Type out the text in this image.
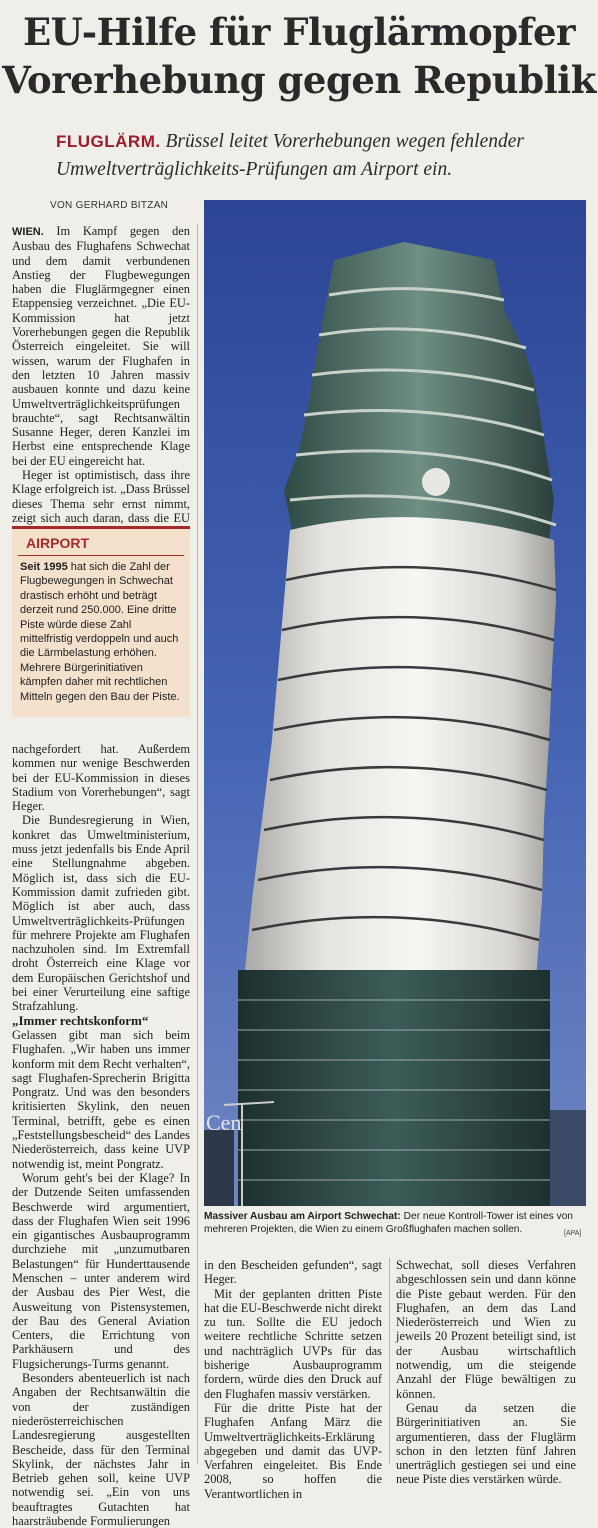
EU-Hilfe für Fluglärmopfer
Vorerhebung gegen Republik
FLUGLÄRM. Brüssel leitet Vorerhebungen wegen fehlender
Umweltverträglichkeits-Prüfungen am Airport ein.
VON GERHARD BITZAN

WIEN. Im Kampf gegen den Ausbau des Flughafens Schwechat und dem damit verbundenen Anstieg der Flugbewegungen haben die Fluglärmgegner einen Etappensieg verzeichnet. „Die EU-Kommission hat jetzt Vorerhebungen gegen die Republik Österreich eingeleitet. Sie will wissen, warum der Flughafen in den letzten 10 Jahren massiv ausbauen konnte und dazu keine Umweltverträglichkeitsprüfungen brauchte“, sagt Rechtsanwältin Susanne Heger, deren Kanzlei im Herbst eine entsprechende Klage bei der EU eingereicht hat.

Heger ist optimistisch, dass ihre Klage erfolgreich ist. „Dass Brüssel dieses Thema sehr ernst nimmt, zeigt sich auch daran, dass die EU

AIRPORT
Seit 1995 hat sich die Zahl der Flugbewegungen in Schwechat drastisch erhöht und beträgt derzeit rund 250.000. Eine dritte Piste würde diese Zahl mittelfristig verdoppeln und auch die Lärmbelastung erhöhen. Mehrere Bürgerinitiativen kämpfen daher mit rechtlichen Mitteln gegen den Bau der Piste.

nachgefordert hat. Außerdem kommen nur wenige Beschwerden bei der EU-Kommission in dieses Stadium von Vorerhebungen“, sagt Heger.

Die Bundesregierung in Wien, konkret das Umweltministerium, muss jetzt jedenfalls bis Ende April eine Stellungnahme abgeben. Möglich ist, dass sich die EU-Kommission damit zufrieden gibt. Möglich ist aber auch, dass Umweltverträglichkeits-Prüfungen für mehrere Projekte am Flughafen nachzuholen sind. Im Extremfall droht Österreich eine Klage vor dem Europäischen Gerichtshof und bei einer Verurteilung eine saftige Strafzahlung.

„Immer rechtskonform“

Gelassen gibt man sich beim Flughafen. „Wir haben uns immer konform mit dem Recht verhalten“, sagt Flughafen-Sprecherin Brigitta Pongratz. Und was den besonders kritisierten Skylink, den neuen Terminal, betrifft, gebe es einen „Feststellungsbescheid“ des Landes Niederösterreich, dass keine UVP notwendig ist, meint Pongratz.

Worum geht's bei der Klage? In der Dutzende Seiten umfassenden Beschwerde wird argumentiert, dass der Flughafen Wien seit 1996 ein gigantisches Ausbauprogramm durchziehe mit „unzumutbaren Belastungen“ für Hunderttausende Menschen – unter anderem wird der Ausbau des Pier West, die Ausweitung von Pistensystemen, der Bau des General Aviation Centers, die Errichtung von Parkhäusern und des Flugsicherungs-Turms genannt.

Besonders abenteuerlich ist nach Angaben der Rechtsanwältin die von der zuständigen niederösterreichischen Landesregierung ausgestellten Bescheide, dass für den Terminal Skylink, der nächstes Jahr in Betrieb gehen soll, keine UVP notwendig sei. „Ein von uns beauftragtes Gutachten hat haarsträubende Formulierungen

Cen
Massiver Ausbau am Airport Schwechat: Der neue Kontroll-Tower ist eines von mehreren Projekten, die Wien zu einem Großflughafen machen sollen.	[APA]

in den Bescheiden gefunden“, sagt Heger.

Mit der geplanten dritten Piste hat die EU-Beschwerde nicht direkt zu tun. Sollte die EU jedoch weitere rechtliche Schritte setzen und nachträglich UVPs für das bisherige Ausbauprogramm fordern, würde dies den Druck auf den Flughafen massiv verstärken.

Für die dritte Piste hat der Flughafen Anfang März die Umweltverträglichkeits-Erklärung abgegeben und damit das UVP-Verfahren eingeleitet. Bis Ende 2008, so hoffen die Verantwortlichen in

Schwechat, soll dieses Verfahren abgeschlossen sein und dann könne die Piste gebaut werden. Für den Flughafen, an dem das Land Niederösterreich und Wien zu jeweils 20 Prozent beteiligt sind, ist der Ausbau wirtschaftlich notwendig, um die steigende Anzahl der Flüge bewältigen zu können.

Genau da setzen die Bürgerinitiativen an. Sie argumentieren, dass der Fluglärm schon in den letzten fünf Jahren unerträglich gestiegen sei und eine neue Piste dies verstärken würde.
